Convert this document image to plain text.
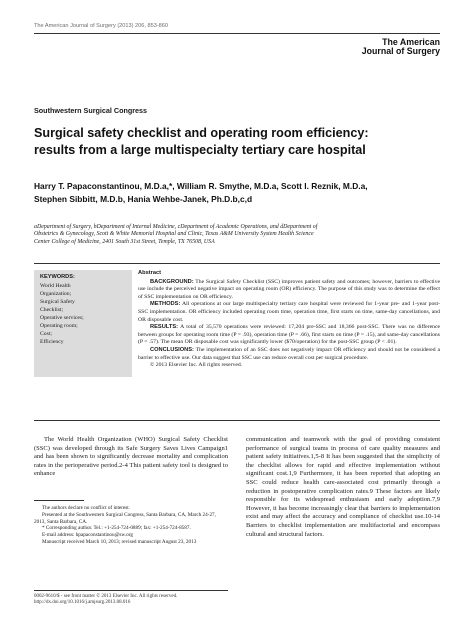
The American Journal of Surgery (2013) 206, 853-860
The American
Journal of Surgery
Southwestern Surgical Congress
Surgical safety checklist and operating room efficiency:
results from a large multispecialty tertiary care hospital
Harry T. Papaconstantinou, M.D.a,*, William R. Smythe, M.D.a, Scott I. Reznik, M.D.a,
Stephen Sibbitt, M.D.b, Hania Wehbe-Janek, Ph.D.b,c,d
aDepartment of Surgery, bDepartment of Internal Medicine, cDepartment of Academic Operations, and dDepartment of
Obstetrics & Gynecology, Scott & White Memorial Hospital and Clinic, Texas A&M University System Health Science
Center College of Medicine, 2401 South 31st Street, Temple, TX 76508, USA
KEYWORDS:
World Health
Organization;
Surgical Safety
Checklist;
Operative services;
Operating room;
Cost;
Efficiency
Abstract
BACKGROUND: The Surgical Safety Checklist (SSC) improves patient safety and outcomes; however, barriers to effective use include the perceived negative impact on operating room (OR) efficiency. The purpose of this study was to determine the effect of SSC implementation on OR efficiency.
METHODS: All operations at our large multispecialty tertiary care hospital were reviewed for 1-year pre- and 1-year post-SSC implementation. OR efficiency included operating room time, operation time, first starts on time, same-day cancellations, and OR disposable cost.
RESULTS: A total of 35,570 operations were reviewed: 17,204 pre-SSC and 18,366 post-SSC. There was no difference between groups for operating room time (P = .93), operation time (P = .66), first starts on time (P = .15), and same-day cancellations (P = .57). The mean OR disposable cost was significantly lower ($70/operation) for the post-SSC group (P < .01).
CONCLUSIONS: The implementation of an SSC does not negatively impact OR efficiency and should not be considered a barrier to effective use. Our data suggest that SSC use can reduce overall cost per surgical procedure.
© 2013 Elsevier Inc. All rights reserved.
The World Health Organization (WHO) Surgical Safety Checklist (SSC) was developed through its Safe Surgery Saves Lives Campaign1 and has been shown to significantly decrease mortality and complication rates in the perioperative period.2-4 This patient safety tool is designed to enhance
communication and teamwork with the goal of providing consistent performance of surgical teams in process of care quality measures and patient safety initiatives.1,5-8 It has been suggested that the simplicity of the checklist allows for rapid and effective implementation without significant cost.1,9 Furthermore, it has been reported that adopting an SSC could reduce health care-associated cost primarily through a reduction in postoperative complication rates.9 These factors are likely responsible for its widespread enthusiasm and early adoption.7,9 However, it has become increasingly clear that barriers to implementation exist and may affect the accuracy and compliance of checklist use.10-14 Barriers to checklist implementation are multifactorial and encompass cultural and structural factors.
The authors declare no conflict of interest.
Presented at the Southwestern Surgical Congress, Santa Barbara, CA, March 24-27, 2013, Santa Barbara, CA.
* Corresponding author. Tel.: +1-254-724-0889; fax: +1-254-724-8587.
E-mail address: hpapaconstantinou@sw.org
Manuscript received March 10, 2013; revised manuscript August 23, 2013
0002-9610/$ - see front matter © 2013 Elsevier Inc. All rights reserved.
http://dx.doi.org/10.1016/j.amjsurg.2013.08.016
